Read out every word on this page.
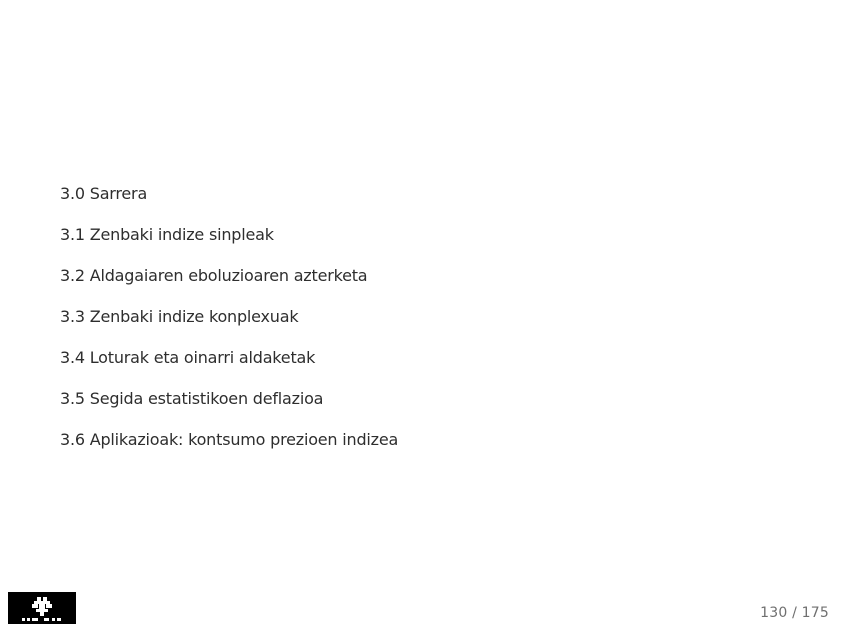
3.0 Sarrera
3.1 Zenbaki indize sinpleak
3.2 Aldagaiaren eboluzioaren azterketa
3.3 Zenbaki indize konplexuak
3.4 Loturak eta oinarri aldaketak
3.5 Segida estatistikoen deflazioa
3.6 Aplikazioak: kontsumo prezioen indizea
130 / 175
